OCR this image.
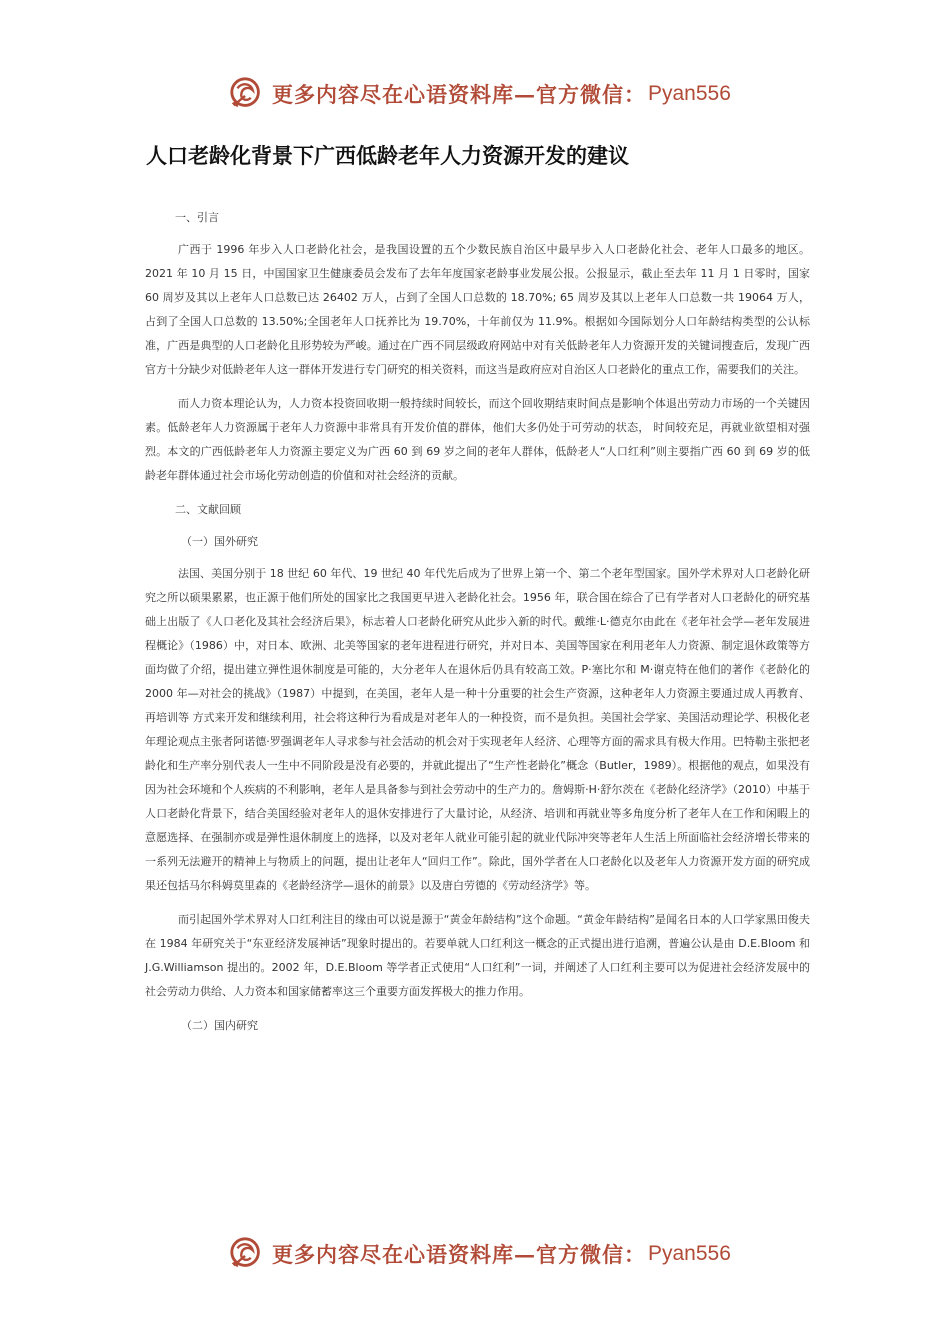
更多内容尽在心语资料库—官方微信： Pyan556
人口老龄化背景下广西低龄老年人力资源开发的建议
一、引言

广西于 1996 年步入人口老龄化社会，是我国设置的五个少数民族自治区中最早步入人口老龄化社会、老年人口最多的地区。2021 年 10 月 15 日，中国国家卫生健康委员会发布了去年年度国家老龄事业发展公报。公报显示，截止至去年 11 月 1 日零时，国家 60 周岁及其以上老年人口总数已达 26402 万人，占到了全国人口总数的 18.70%; 65 周岁及其以上老年人口总数一共 19064 万人，占到了全国人口总数的 13.50%;全国老年人口抚养比为 19.70%，十年前仅为 11.9%。根据如今国际划分人口年龄结构类型的公认标准，广西是典型的人口老龄化且形势较为严峻。通过在广西不同层级政府网站中对有关低龄老年人力资源开发的关键词搜查后，发现广西官方十分缺少对低龄老年人这一群体开发进行专门研究的相关资料，而这当是政府应对自治区人口老龄化的重点工作，需要我们的关注。

而人力资本理论认为，人力资本投资回收期一般持续时间较长，而这个回收期结束时间点是影响个体退出劳动力市场的一个关键因素。低龄老年人力资源属于老年人力资源中非常具有开发价值的群体，他们大多仍处于可劳动的状态， 时间较充足，再就业欲望相对强烈。本文的广西低龄老年人力资源主要定义为广西 60 到 69 岁之间的老年人群体，低龄老人“人口红利”则主要指广西 60 到 69 岁的低龄老年群体通过社会市场化劳动创造的价值和对社会经济的贡献。

二、文献回顾
（一）国外研究

法国、美国分别于 18 世纪 60 年代、19 世纪 40 年代先后成为了世界上第一个、第二个老年型国家。国外学术界对人口老龄化研究之所以硕果累累，也正源于他们所处的国家比之我国更早进入老龄化社会。1956 年，联合国在综合了已有学者对人口老龄化的研究基础上出版了《人口老化及其社会经济后果》，标志着人口老龄化研究从此步入新的时代。戴维·L·德克尔由此在《老年社会学—老年发展进程概论》（1986）中，对日本、欧洲、北美等国家的老年进程进行研究，并对日本、美国等国家在利用老年人力资源、制定退休政策等方面均做了介绍，提出建立弹性退休制度是可能的，大分老年人在退休后仍具有较高工效。P·塞比尔和 M·谢克特在他们的著作《老龄化的 2000 年—对社会的挑战》（1987）中提到，在美国，老年人是一种十分重要的社会生产资源，这种老年人力资源主要通过成人再教育、再培训等 方式来开发和继续利用，社会将这种行为看成是对老年人的一种投资，而不是负担。美国社会学家、美国活动理论学、积极化老年理论观点主张者阿诺德·罗强调老年人寻求参与社会活动的机会对于实现老年人经济、心理等方面的需求具有极大作用。巴特勒主张把老龄化和生产率分别代表人一生中不同阶段是没有必要的，并就此提出了“生产性老龄化”概念（Butler，1989）。根据他的观点，如果没有因为社会环境和个人疾病的不利影响，老年人是具备参与到社会劳动中的生产力的。詹姆斯·H·舒尔茨在《老龄化经济学》（2010）中基于人口老龄化背景下，结合美国经验对老年人的退休安排进行了大量讨论，从经济、培训和再就业等多角度分析了老年人在工作和闲暇上的意愿选择、在强制亦或是弹性退休制度上的选择，以及对老年人就业可能引起的就业代际冲突等老年人生活上所面临社会经济增长带来的一系列无法避开的精神上与物质上的问题，提出让老年人“回归工作”。除此，国外学者在人口老龄化以及老年人力资源开发方面的研究成果还包括马尔科姆莫里森的《老龄经济学—退休的前景》以及唐白劳德的《劳动经济学》等。

而引起国外学术界对人口红利注目的缘由可以说是源于“黄金年龄结构”这个命题。“黄金年龄结构”是闻名日本的人口学家黑田俊夫在 1984 年研究关于“东亚经济发展神话”现象时提出的。若要单就人口红利这一概念的正式提出进行追溯，普遍公认是由 D.E.Bloom 和 J.G.Williamson 提出的。2002 年，D.E.Bloom 等学者正式使用“人口红利”一词，并阐述了人口红利主要可以为促进社会经济发展中的社会劳动力供给、人力资本和国家储蓄率这三个重要方面发挥极大的推力作用。

（二）国内研究
更多内容尽在心语资料库—官方微信： Pyan556
